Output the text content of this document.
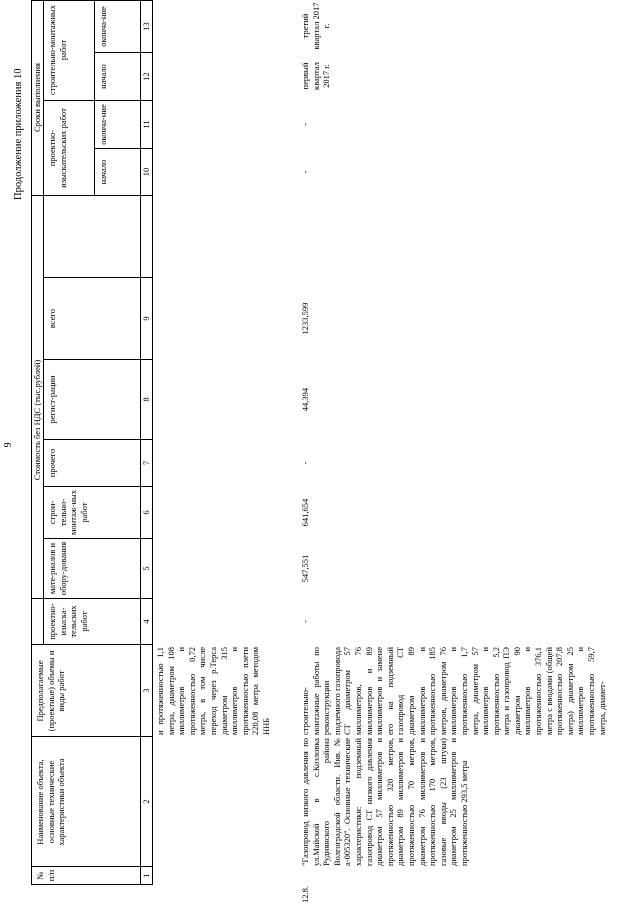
9
Продолжение приложения 10
№ п/п
Наименование объекта, основные технические характеристики объекта
Предполагаемые (проектные) объемы и виды работ
Стоимость без НДС (тыс.рублей)
проектно-изыска-тельских работ
мате-риалов и обору-дования
строи-тельно-монтаж-ных работ
прочего
регист-рации
всего
Сроки выполнения
проектно-изыскательских работ
строительно-монтажных работ
начало
оконча-ние
начало
оконча-ние
1
2
3
4
5
6
7
8
9
10
11
12
13
и протяженностью 1,1 метра, диаметром 108 миллиметров и протяженностью 0,72 метра, в том числе переход через р.Терса диаметром 315 миллиметров и протяженностью плети 220,08 метра методом ННБ
12.8.
"Газопровод низкого давления по ул.Майской в с.Козловка Руднянского района Волгоградской области. Инв.№ а-005320". Основные технические характеристики: подземный газопровод СТ низкого давления диаметром 57 миллиметров и протяженностью 320 метров, диаметром 89 миллиметров и протяженностью 70 метров, диаметром 76 миллиметров и протяженностью 170 метров, газовые вводы (23 штуки) диаметром 25 миллиметров и протяженностью 293,5 метра
строительно-монтажные работы по реконструкции подземного газопровода СТ диаметром 57 миллиметров, 76 миллиметров и 89 миллиметров и замене его на подземный газопровод СТ диаметром 89 миллиметров и протяженностью 185 метров, диаметром 76 миллиметров и протяженностью 1,7 метра, диаметром 57 миллиметров и протяженностью 5,2 метра и газопровод ПЭ диаметром 90 миллиметров и протяженностью 376,1 метра с вводами (общей протяженностью 207,8 метра) диаметром 25 миллиметров и протяженностью 59,7 метра, диамет-
-
547,551
641,654
-
44,394
1233,599
-
-
первый квартал 2017 г.
третий квартал 2017 г.
